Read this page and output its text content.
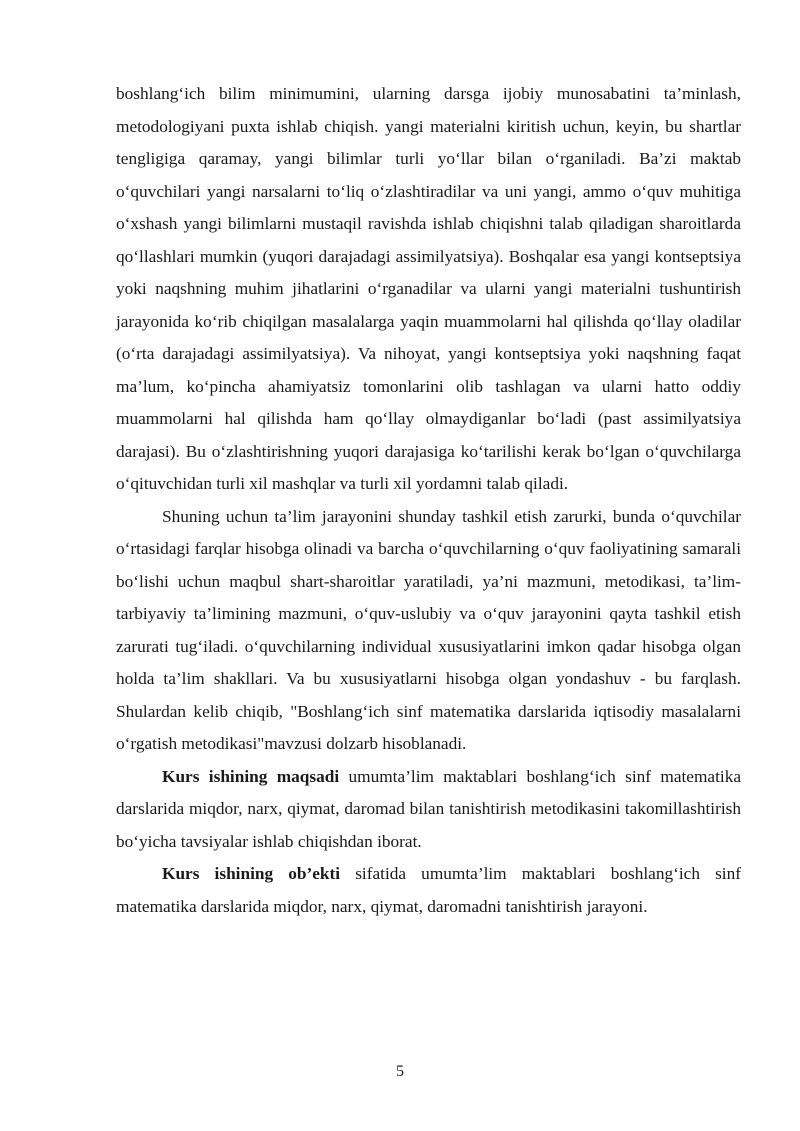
boshlang‘ich bilim minimumini, ularning darsga ijobiy munosabatini ta’minlash, metodologiyani puxta ishlab chiqish. yangi materialni kiritish uchun, keyin, bu shartlar tengligiga qaramay, yangi bilimlar turli yo‘llar bilan o‘rganiladi. Ba’zi maktab o‘quvchilari yangi narsalarni to‘liq o‘zlashtiradilar va uni yangi, ammo o‘quv muhitiga o‘xshash yangi bilimlarni mustaqil ravishda ishlab chiqishni talab qiladigan sharoitlarda qo‘llashlari mumkin (yuqori darajadagi assimilyatsiya). Boshqalar esa yangi kontseptsiya yoki naqshning muhim jihatlarini o‘rganadilar va ularni yangi materialni tushuntirish jarayonida ko‘rib chiqilgan masalalarga yaqin muammolarni hal qilishda qo‘llay oladilar (o‘rta darajadagi assimilyatsiya). Va nihoyat, yangi kontseptsiya yoki naqshning faqat ma’lum, ko‘pincha ahamiyatsiz tomonlarini olib tashlagan va ularni hatto oddiy muammolarni hal qilishda ham qo‘llay olmaydiganlar bo‘ladi (past assimilyatsiya darajasi). Bu o‘zlashtirishning yuqori darajasiga ko‘tarilishi kerak bo‘lgan o‘quvchilarga o‘qituvchidan turli xil mashqlar va turli xil yordamni talab qiladi.

Shuning uchun ta’lim jarayonini shunday tashkil etish zarurki, bunda o‘quvchilar o‘rtasidagi farqlar hisobga olinadi va barcha o‘quvchilarning o‘quv faoliyatining samarali bo‘lishi uchun maqbul shart-sharoitlar yaratiladi, ya’ni mazmuni, metodikasi, ta’lim-tarbiyaviy ta’limining mazmuni, o‘quv-uslubiy va o‘quv jarayonini qayta tashkil etish zarurati tug‘iladi. o‘quvchilarning individual xususiyatlarini imkon qadar hisobga olgan holda ta’lim shakllari. Va bu xususiyatlarni hisobga olgan yondashuv - bu farqlash. Shulardan kelib chiqib, "Boshlang‘ich sinf matematika darslarida iqtisodiy masalalarni o‘rgatish metodikasi"mavzusi dolzarb hisoblanadi.

Kurs ishining maqsadi umumta’lim maktablari boshlang‘ich sinf matematika darslarida miqdor, narx, qiymat, daromad bilan tanishtirish metodikasini takomillashtirish bo‘yicha tavsiyalar ishlab chiqishdan iborat.

Kurs ishining ob’ekti sifatida umumta’lim maktablari boshlang‘ich sinf matematika darslarida miqdor, narx, qiymat, daromadni tanishtirish jarayoni.

5
